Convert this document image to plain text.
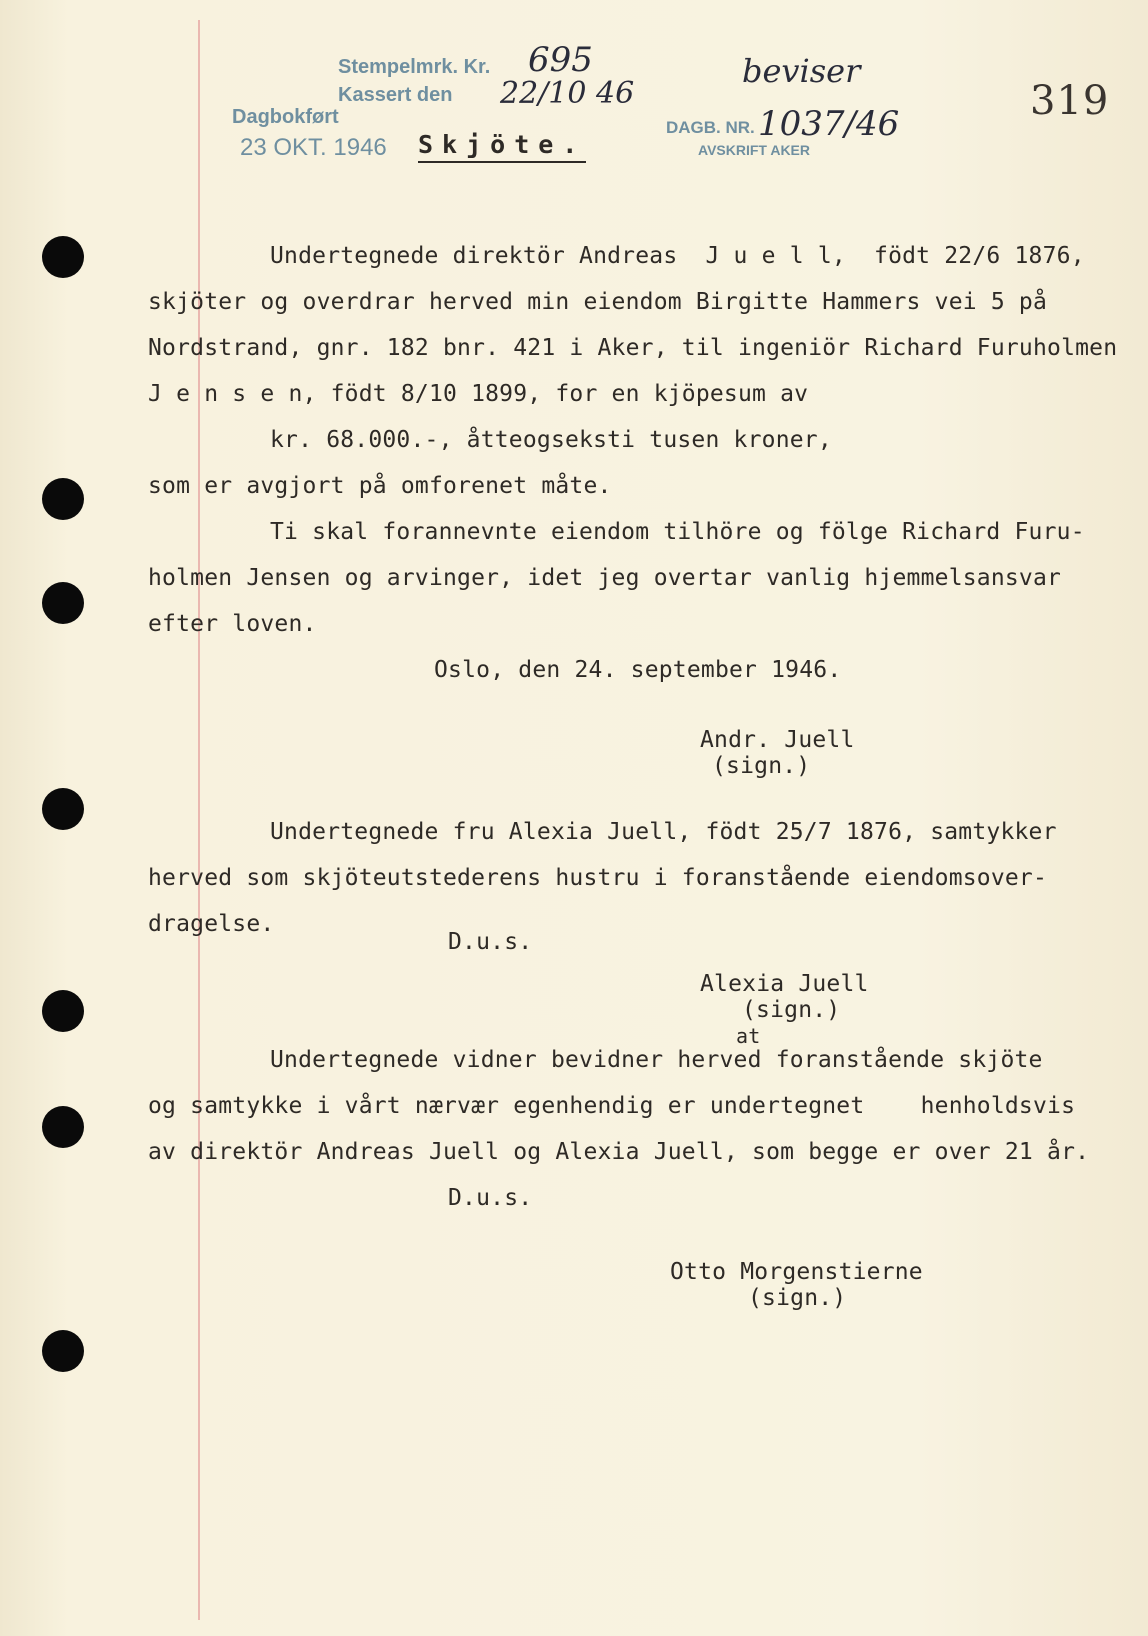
Stempelmrk. Kr.
Kassert den
Dagbokført
23 OKT. 1946
DAGB. NR.
AVSKRIFT AKER
695
22/10 46
beviser
1037/46	319
Skjöte.
Undertegnede direktör Andreas  J u e l l,  födt 22/6 1876,
skjöter og overdrar herved min eiendom Birgitte Hammers vei 5 på
Nordstrand, gnr. 182 bnr. 421 i Aker, til ingeniör Richard Furuholmen
J e n s e n, födt 8/10 1899, for en kjöpesum av
kr. 68.000.-, åtteogseksti tusen kroner,
som er avgjort på omforenet måte.
Ti skal forannevnte eiendom tilhöre og fölge Richard Furu-
holmen Jensen og arvinger, idet jeg overtar vanlig hjemmelsansvar
efter loven.
Oslo, den 24. september 1946.
Andr. Juell
(sign.)
Undertegnede fru Alexia Juell, födt 25/7 1876, samtykker
herved som skjöteutstederens hustru i foranstående eiendomsover-
dragelse.
D.u.s.
Alexia Juell
(sign.)
at
Undertegnede vidner bevidner herved foranstående skjöte
og samtykke i vårt nærvær egenhendig er undertegnet    henholdsvis
av direktör Andreas Juell og Alexia Juell, som begge er over 21 år.
D.u.s.
Otto Morgenstierne
(sign.)
